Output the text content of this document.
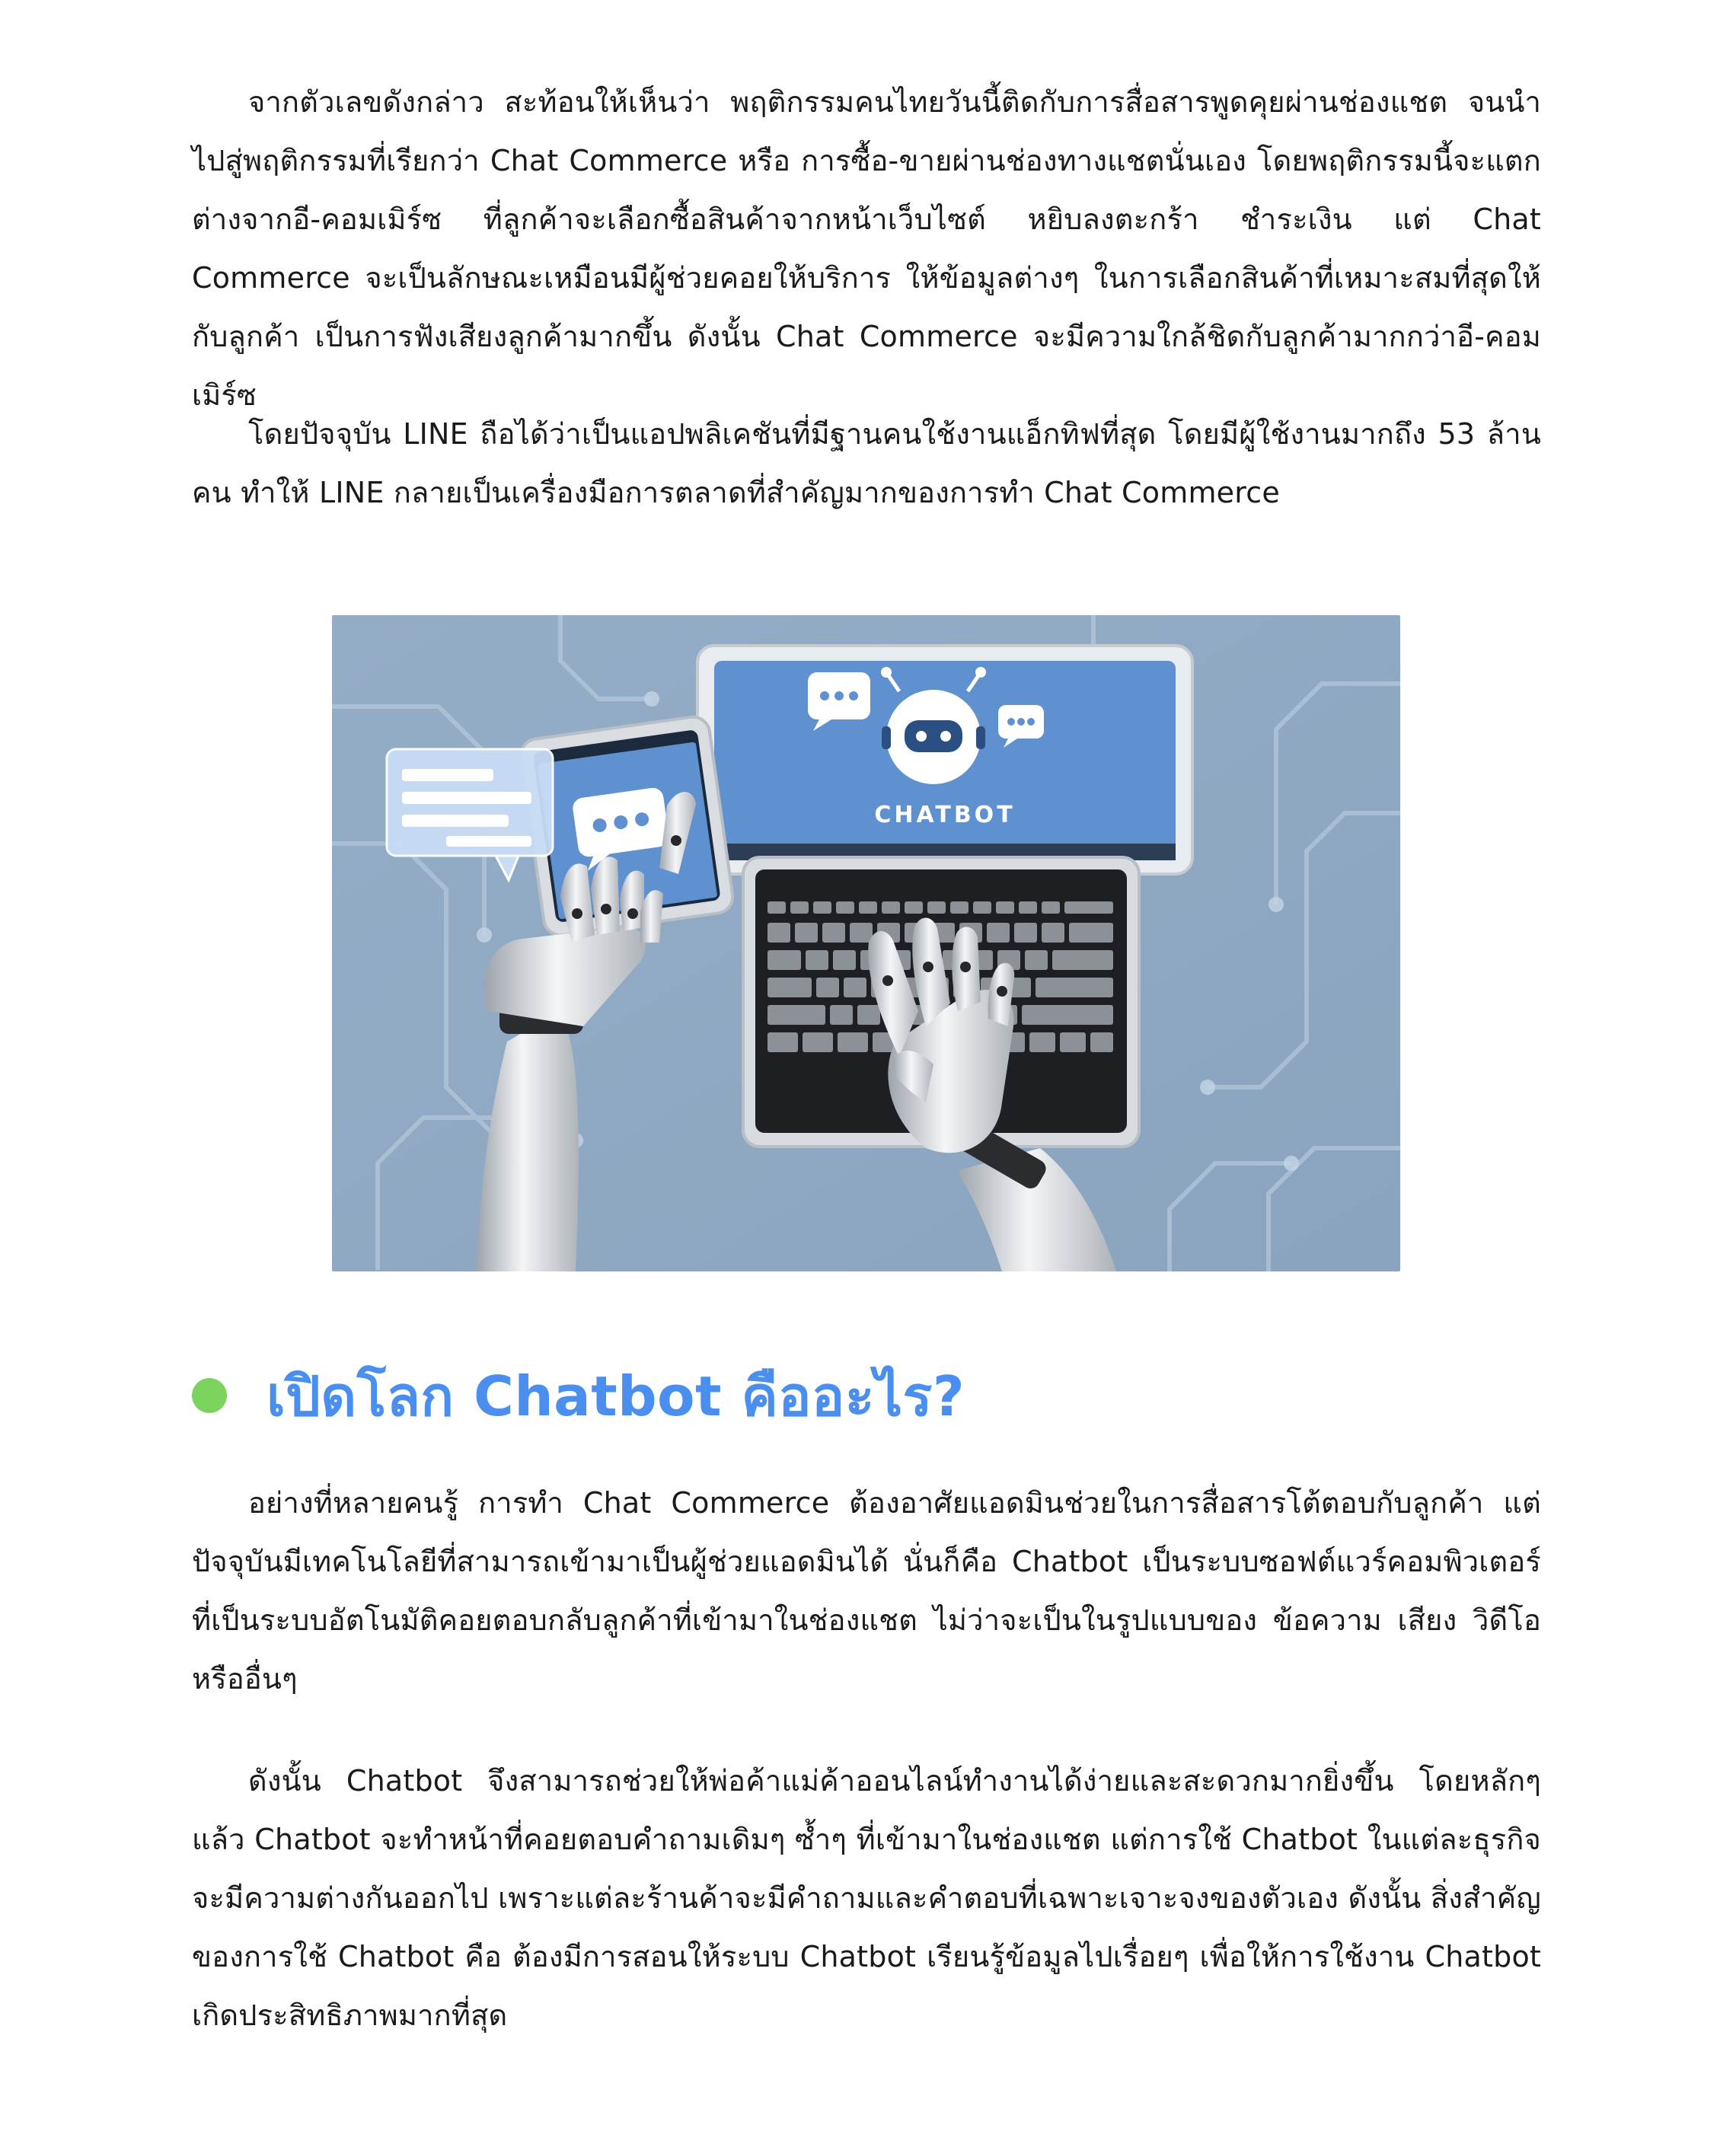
จากตัวเลขดังกล่าว สะท้อนให้เห็นว่า พฤติกรรมคนไทยวันนี้ติดกับการสื่อสารพูดคุยผ่านช่องแชต จนนำไปสู่พฤติกรรมที่เรียกว่า Chat Commerce หรือ การซื้อ-ขายผ่านช่องทางแชตนั่นเอง โดยพฤติกรรมนี้จะแตกต่างจากอี-คอมเมิร์ซ ที่ลูกค้าจะเลือกซื้อสินค้าจากหน้าเว็บไซต์ หยิบลงตะกร้า ชำระเงิน แต่ Chat Commerce จะเป็นลักษณะเหมือนมีผู้ช่วยคอยให้บริการ ให้ข้อมูลต่างๆ ในการเลือกสินค้าที่เหมาะสมที่สุดให้กับลูกค้า เป็นการฟังเสียงลูกค้ามากขึ้น ดังนั้น Chat Commerce จะมีความใกล้ชิดกับลูกค้ามากกว่าอี-คอมเมิร์ซ

โดยปัจจุบัน LINE ถือได้ว่าเป็นแอปพลิเคชันที่มีฐานคนใช้งานแอ็กทิฟที่สุด โดยมีผู้ใช้งานมากถึง 53 ล้านคน ทำให้ LINE กลายเป็นเครื่องมือการตลาดที่สำคัญมากของการทำ Chat Commerce

CHATBOT
เปิดโลก Chatbot คืออะไร?

อย่างที่หลายคนรู้ การทำ Chat Commerce ต้องอาศัยแอดมินช่วยในการสื่อสารโต้ตอบกับลูกค้า แต่ปัจจุบันมีเทคโนโลยีที่สามารถเข้ามาเป็นผู้ช่วยแอดมินได้ นั่นก็คือ Chatbot เป็นระบบซอฟต์แวร์คอมพิวเตอร์ที่เป็นระบบอัตโนมัติคอยตอบกลับลูกค้าที่เข้ามาในช่องแชต ไม่ว่าจะเป็นในรูปแบบของ ข้อความ เสียง วิดีโอ หรืออื่นๆ

ดังนั้น Chatbot จึงสามารถช่วยให้พ่อค้าแม่ค้าออนไลน์ทำงานได้ง่ายและสะดวกมากยิ่งขึ้น โดยหลักๆ แล้ว Chatbot จะทำหน้าที่คอยตอบคำถามเดิมๆ ซ้ำๆ ที่เข้ามาในช่องแชต แต่การใช้ Chatbot ในแต่ละธุรกิจจะมีความต่างกันออกไป เพราะแต่ละร้านค้าจะมีคำถามและคำตอบที่เฉพาะเจาะจงของตัวเอง ดังนั้น สิ่งสำคัญของการใช้ Chatbot คือ ต้องมีการสอนให้ระบบ Chatbot เรียนรู้ข้อมูลไปเรื่อยๆ เพื่อให้การใช้งาน Chatbot เกิดประสิทธิภาพมากที่สุด
